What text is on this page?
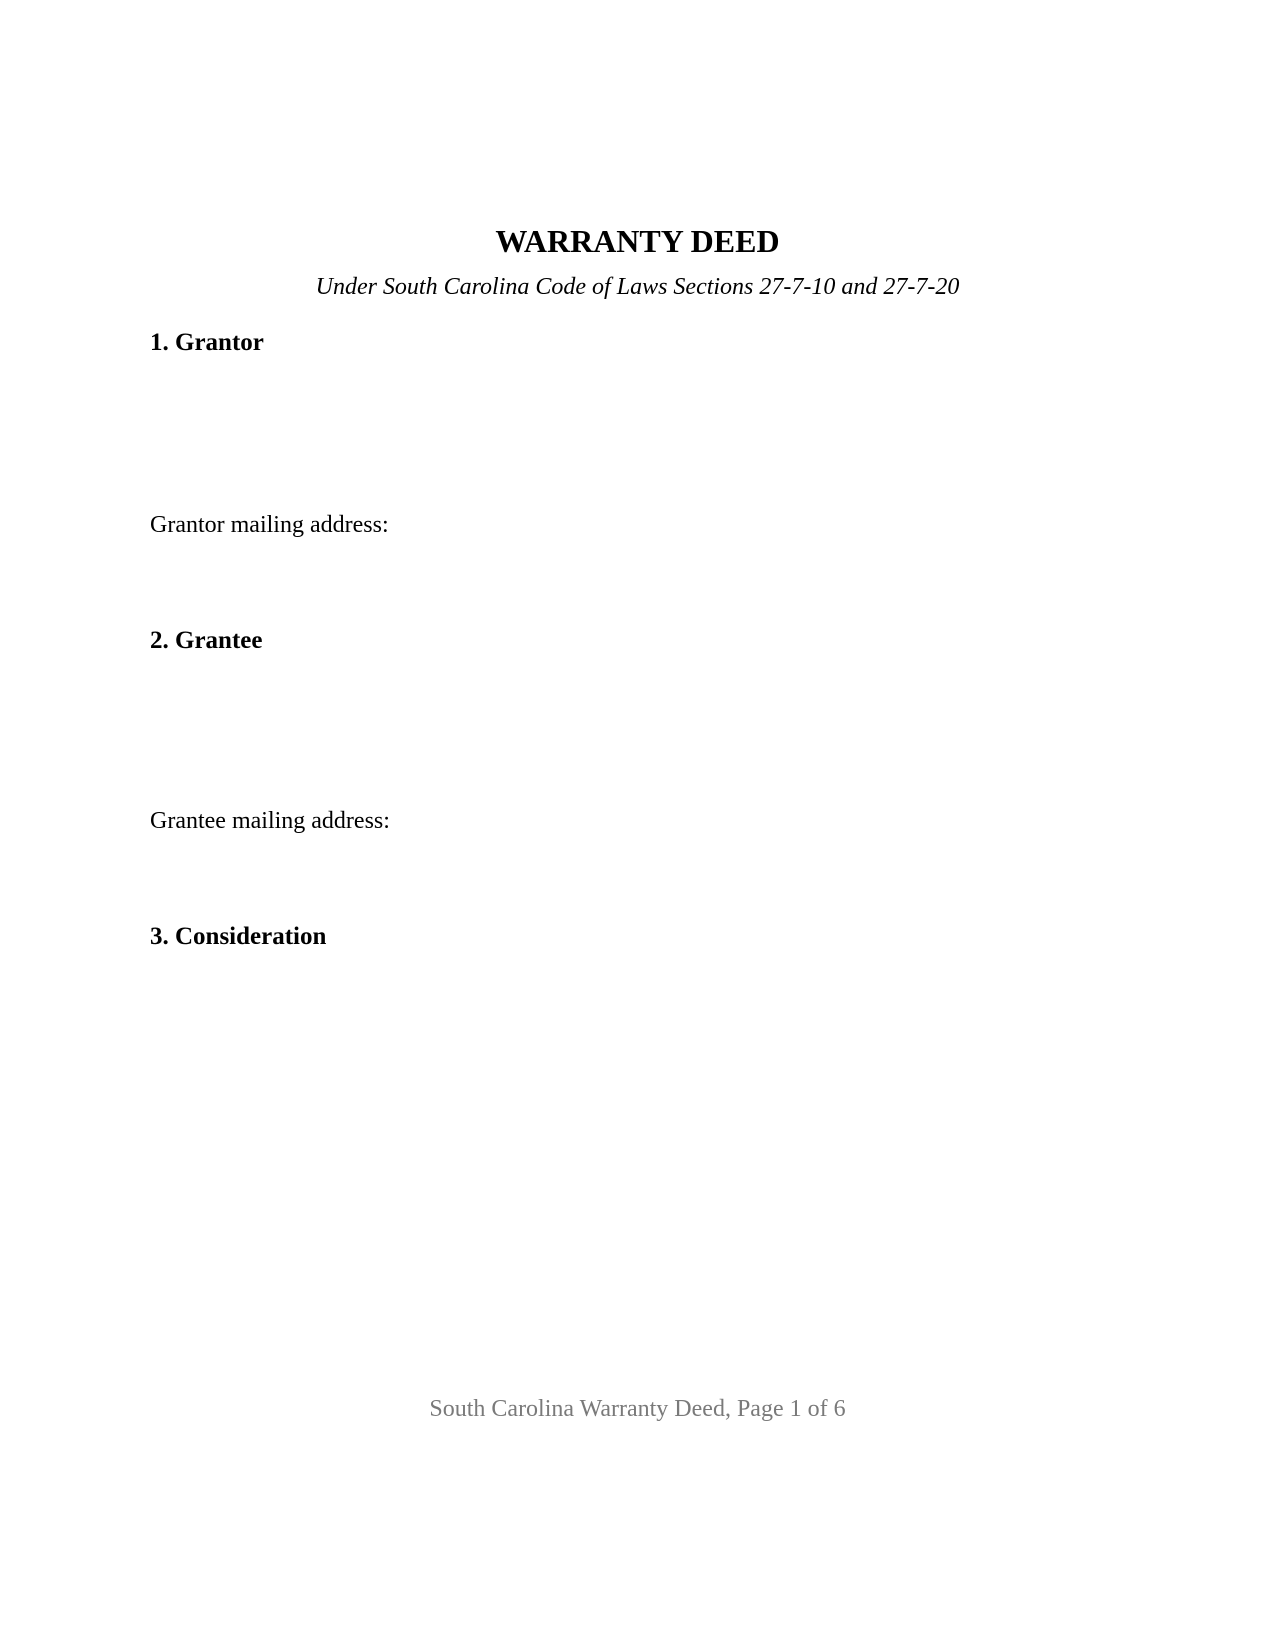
WARRANTY DEED
Under South Carolina Code of Laws Sections 27-7-10 and 27-7-20
1. Grantor
Grantor mailing address:
2. Grantee
Grantee mailing address:
3. Consideration
South Carolina Warranty Deed, Page 1 of 6
